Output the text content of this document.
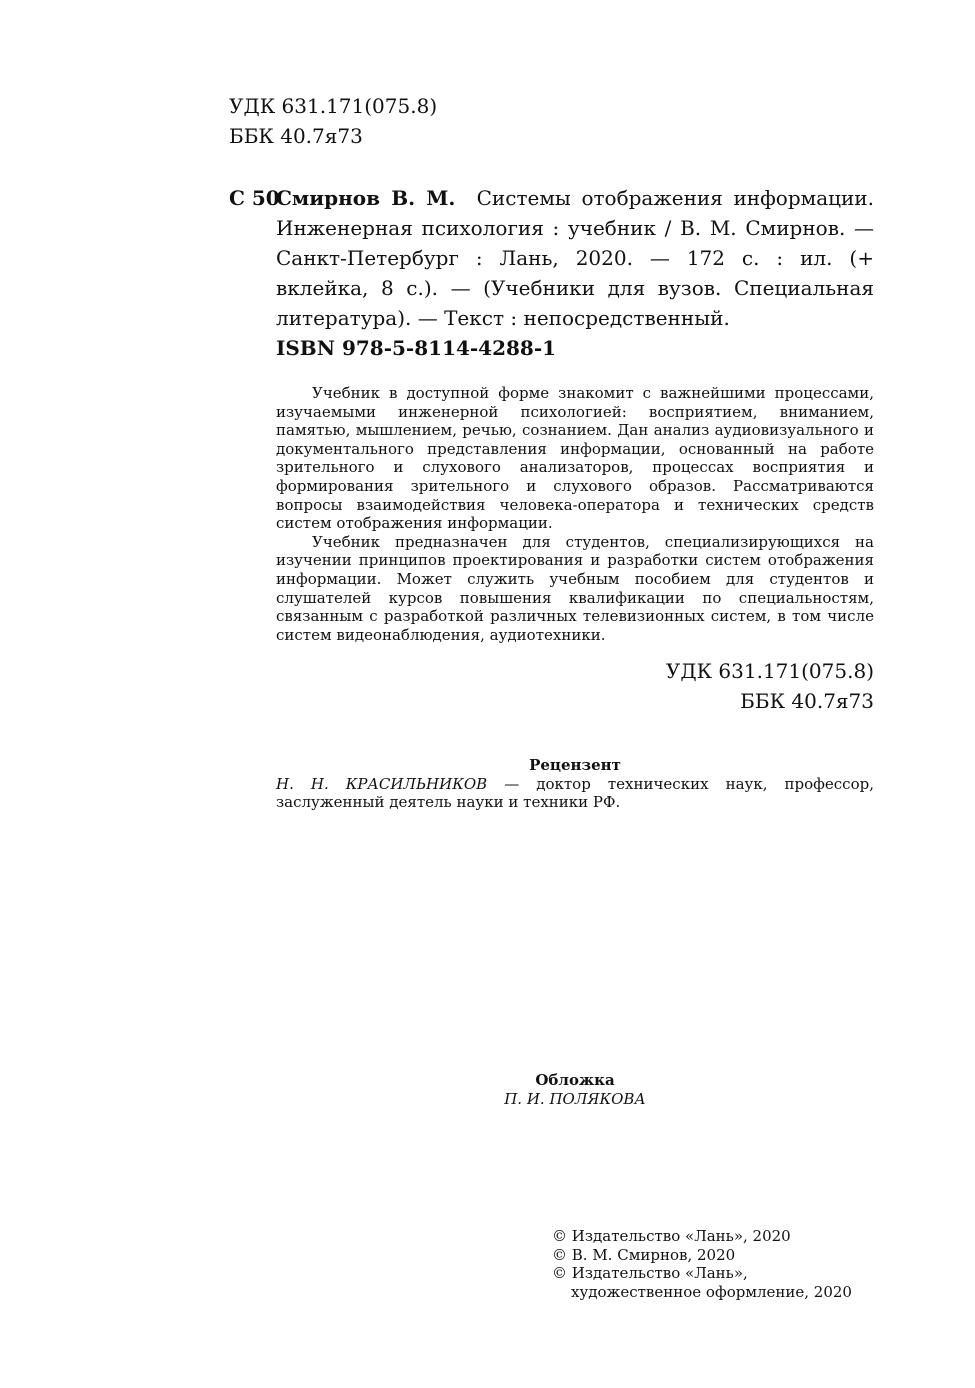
УДК 631.171(075.8)
ББК 40.7я73
С 50
Смирнов В. М. Системы отображения информации. Инженерная психология : учебник / В. М. Смирнов. — Санкт-Петербург : Лань, 2020. — 172 с. : ил. (+ вклейка, 8 с.). — (Учебники для вузов. Специальная литература). — Текст : непосредственный.
ISBN 978-5-8114-4288-1

Учебник в доступной форме знакомит с важнейшими процессами, изучаемыми инженерной психологией: восприятием, вниманием, памятью, мышлением, речью, сознанием. Дан анализ аудиовизуального и документального представления информации, основанный на работе зрительного и слухового анализаторов, процессах восприятия и формирования зрительного и слухового образов. Рассматриваются вопросы взаимодействия человека-оператора и технических средств систем отображения информации.

Учебник предназначен для студентов, специализирующихся на изучении принципов проектирования и разработки систем отображения информации. Может служить учебным пособием для студентов и слушателей курсов повышения квалификации по специальностям, связанным с разработкой различных телевизионных систем, в том числе систем видеонаблюдения, аудиотехники.

УДК 631.171(075.8)
ББК 40.7я73
Рецензент
Н. Н. КРАСИЛЬНИКОВ — доктор технических наук, профессор, заслуженный деятель науки и техники РФ.
Обложка
П. И. ПОЛЯКОВА
© Издательство «Лань», 2020
© В. М. Смирнов, 2020
© Издательство «Лань»,
художественное оформление, 2020
